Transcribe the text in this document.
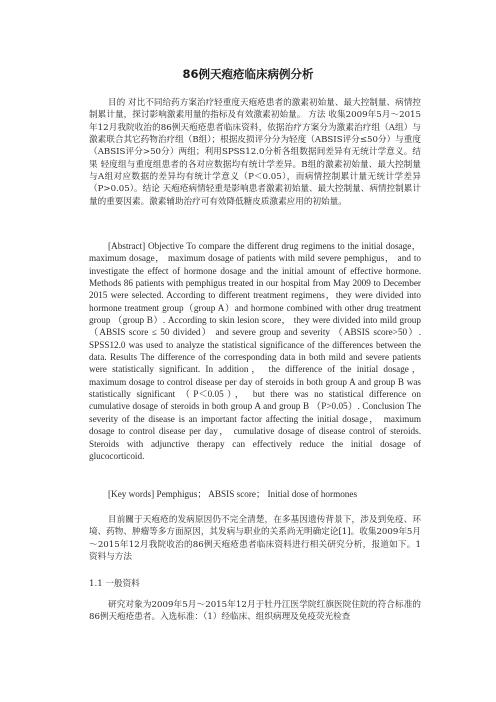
86例天疱疮临床病例分析

目的 对比不同给药方案治疗轻重度天疱疮患者的激素初始量、最大控制量、病情控制累计量，探讨影响激素用量的指标及有效激素初始量。 方法 收集2009年5月～2015年12月我院收治的86例天疱疮患者临床资料，依据治疗方案分为激素治疗组（A组）与激素联合其它药物治疗组（B组）；根据皮损评分分为轻度（ABSIS评分≤50分）与重度（ABSIS评分>50分）两组；利用SPSS12.0分析各组数据间差异有无统计学意义。结果 轻度组与重度组患者的各对应数据均有统计学差异。B组的激素初始量、最大控制量与A组对应数据的差异均有统计学意义（P＜0.05），而病情控制累计量无统计学差异（P>0.05）。结论 天疱疮病情轻重是影响患者激素初始量、最大控制量、病情控制累计量的重要因素。激素辅助治疗可有效降低糖皮质激素应用的初始量。

[Abstract] Objective To compare the different drug regimens to the initial dosage， maximum dosage， maximum dosage of patients with mild severe pemphigus， and to investigate the effect of hormone dosage and the initial amount of effective hormone. Methods 86 patients with pemphigus treated in our hospital from May 2009 to December 2015 were selected. According to different treatment regimens，they were divided into hormone treatment group（group A）and hormone combined with other drug treatment group （group B）. According to skin lesion score， they were divided into mild group （ABSIS score ≤ 50 divided） and severe group and severity （ABSIS score>50）. SPSS12.0 was used to analyze the statistical significance of the differences between the data. Results The difference of the corresponding data in both mild and severe patients were statistically significant. In addition， the difference of the initial dosage， maximum dosage to control disease per day of steroids in both group A and group B was statistically significant （P＜0.05）， but there was no statistical difference on cumulative dosage of steroids in both group A and group B （P>0.05）. Conclusion The severity of the disease is an important factor affecting the initial dosage， maximum dosage to control disease per day， cumulative dosage of disease control of steroids. Steroids with adjunctive therapy can effectively reduce the initial dosage of glucocorticoid.

[Key words] Pemphigus； ABSIS score； Initial dose of hormones

目前關于天疱疮的发病原因仍不完全清楚，在多基因遗传背景下，涉及到免疫、环境、药物、肿瘤等多方面原因，其发病与职业的关系尚无明确定论[1]。收集2009年5月～2015年12月我院收治的86例天疱疮患者临床资料进行相关研究分析，报道如下。1 资料与方法

1.1 一般资料

研究对象为2009年5月～2015年12月于牡丹江医学院红旗医院住院的符合标准的86例天疱疮患者。入选标准：（1）经临床、组织病理及免疫荧光检查
